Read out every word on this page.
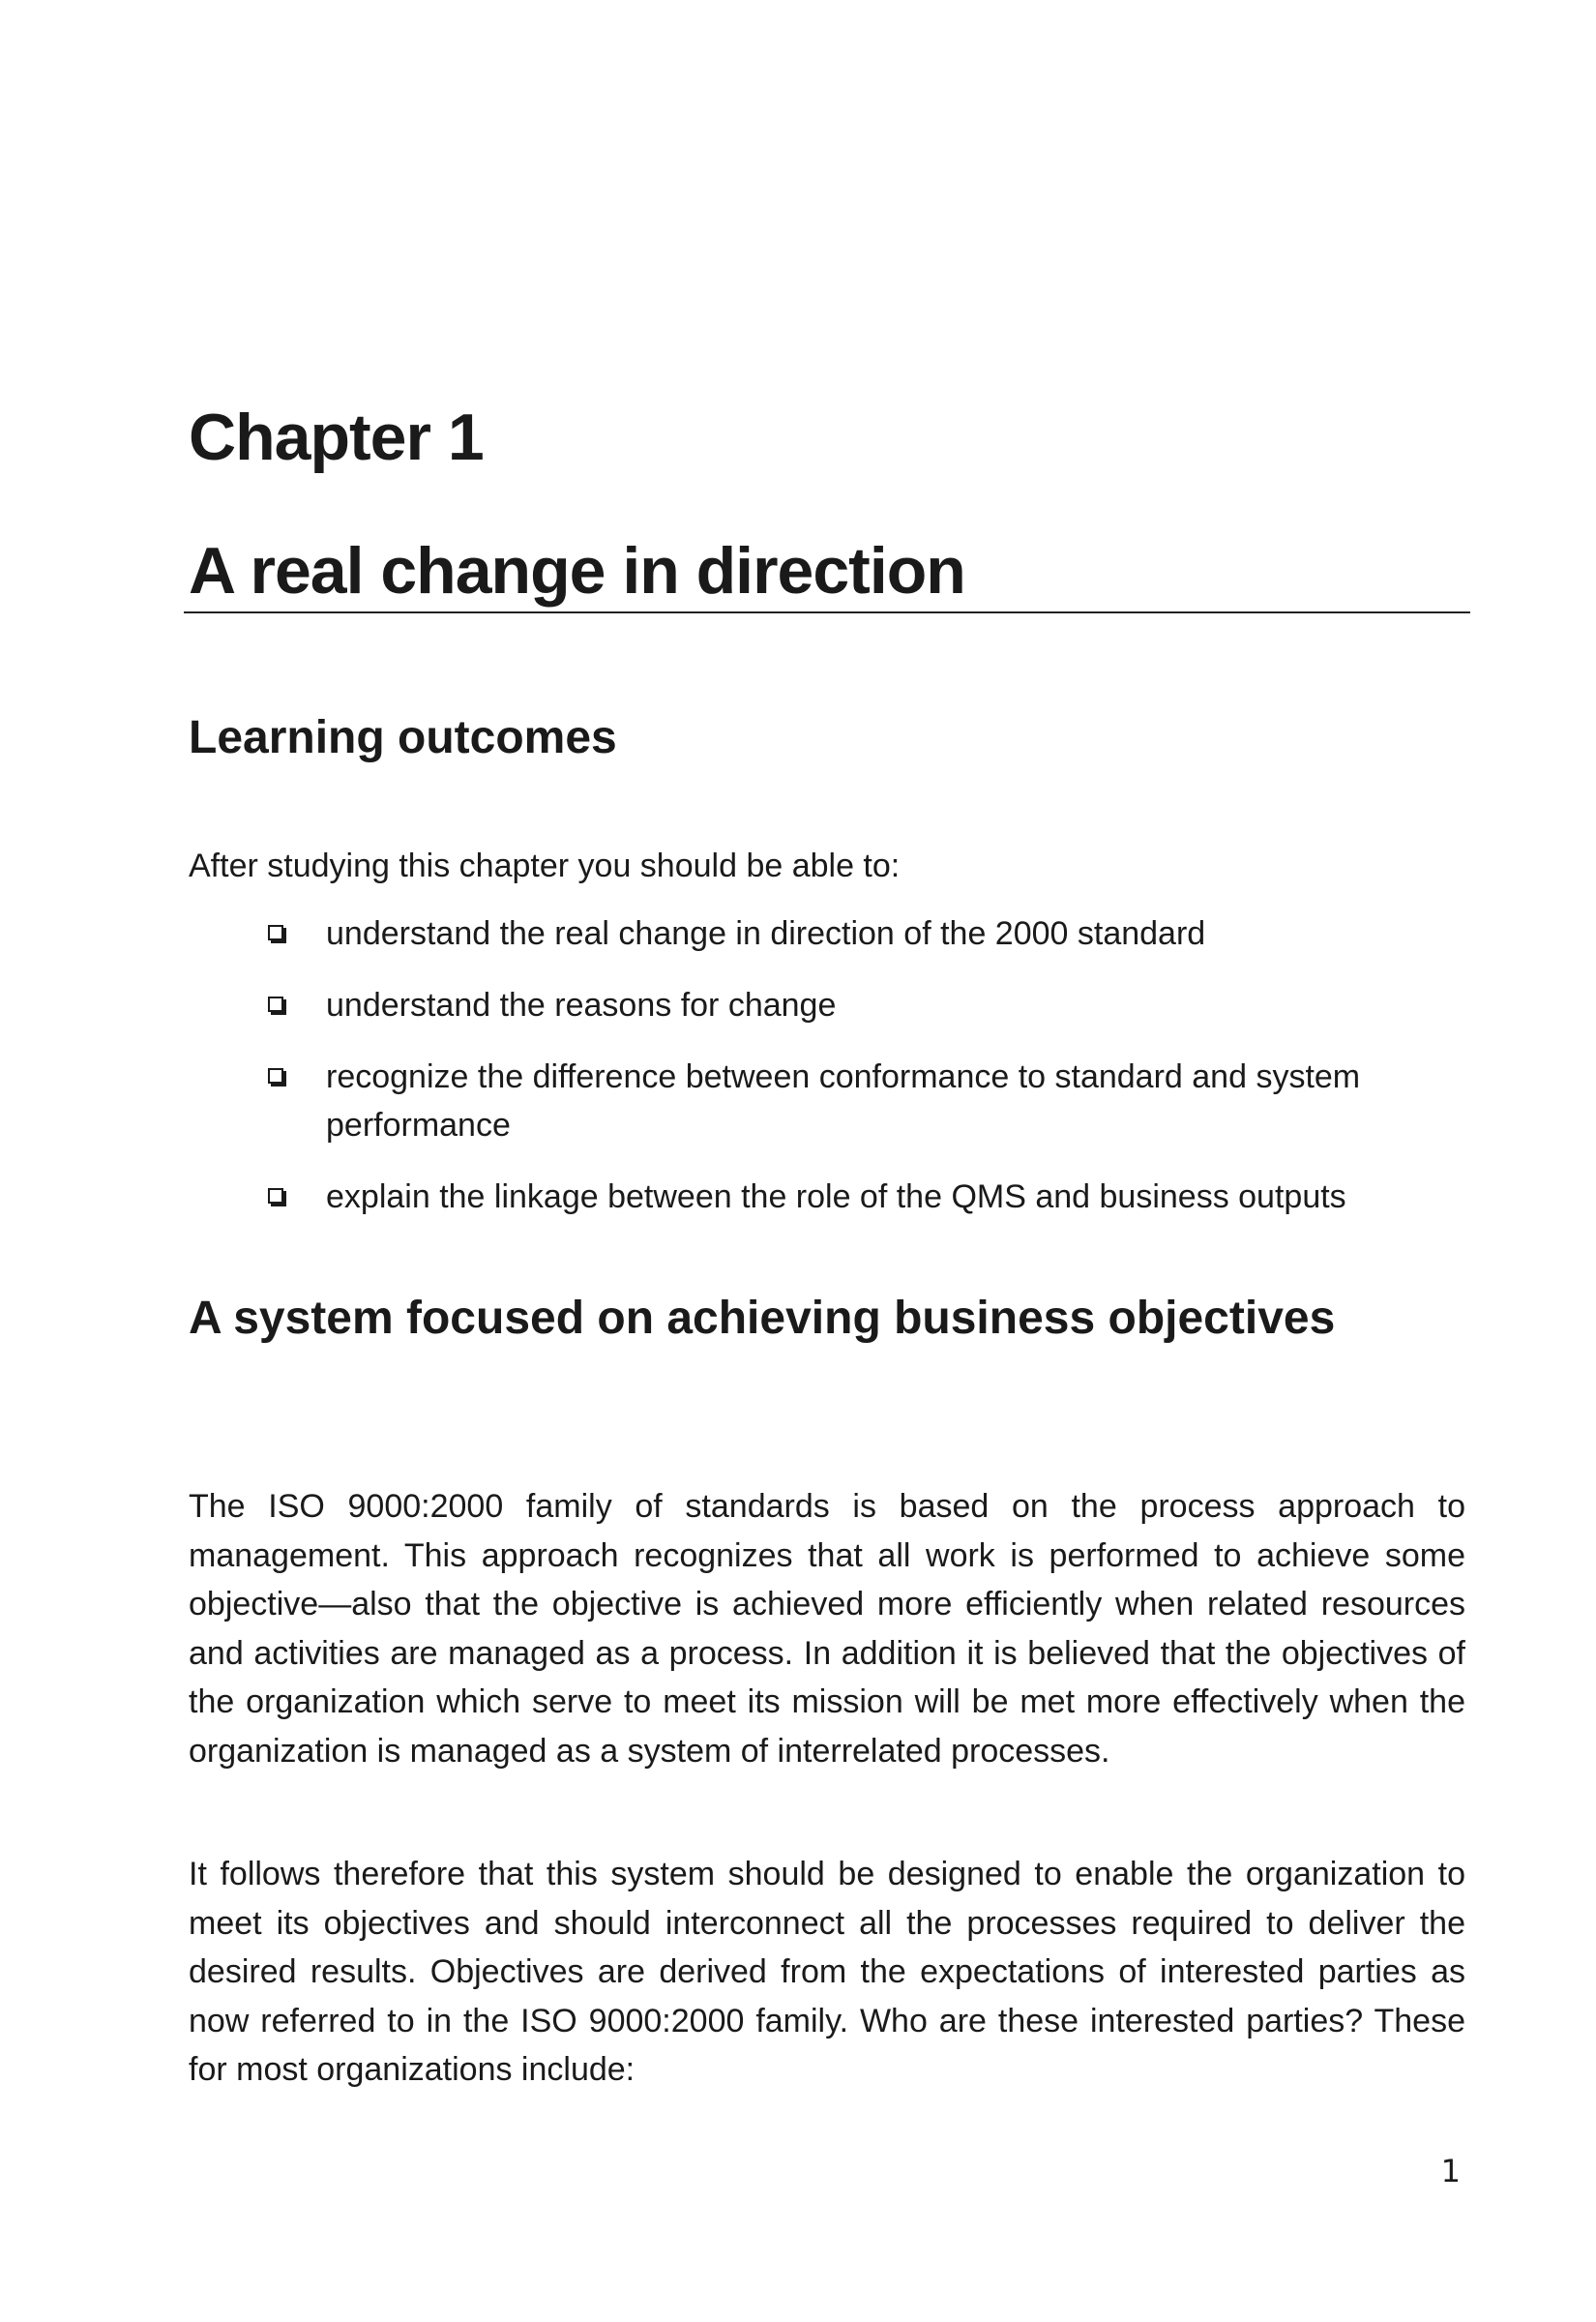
Chapter 1
A real change in direction
Learning outcomes

After studying this chapter you should be able to:

understand the real change in direction of the 2000 standard
understand the reasons for change
recognize the difference between conformance to standard and system performance
explain the linkage between the role of the QMS and business outputs
A system focused on achieving business objectives

The ISO 9000:2000 family of standards is based on the process approach to management. This approach recognizes that all work is performed to achieve some objective—also that the objective is achieved more efficiently when related resources and activities are managed as a process. In addition it is believed that the objectives of the organization which serve to meet its mission will be met more effectively when the organization is managed as a system of interrelated processes.

It follows therefore that this system should be designed to enable the organization to meet its objectives and should interconnect all the processes required to deliver the desired results. Objectives are derived from the expectations of interested parties as now referred to in the ISO 9000:2000 family. Who are these interested parties? These for most organizations include:

1
